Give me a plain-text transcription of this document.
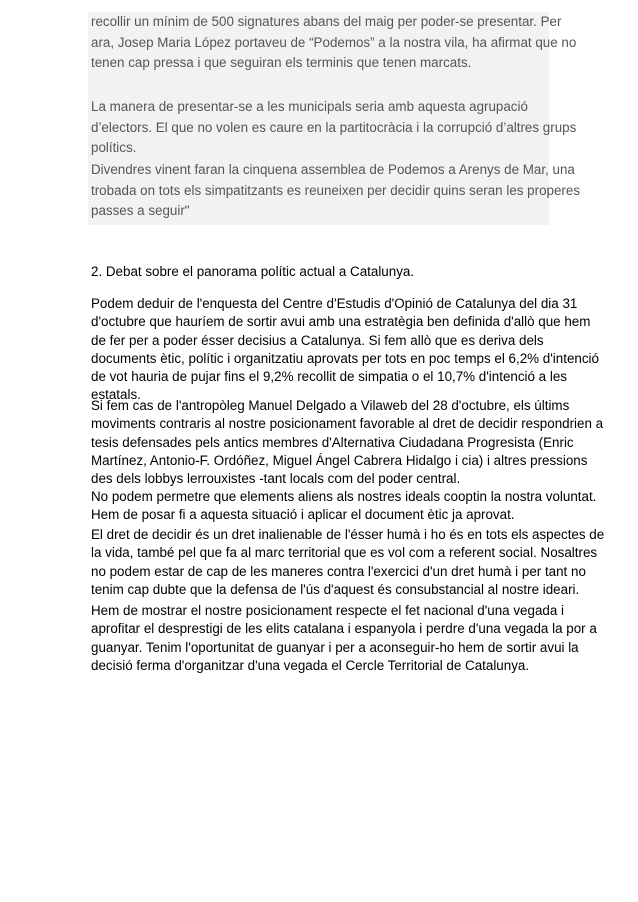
recollir un mínim de 500 signatures abans del maig per poder-se presentar. Per
ara, Josep Maria López portaveu de “Podemos” a la nostra vila, ha afirmat que no
tenen cap pressa i que seguiran els terminis que tenen marcats.

La manera de presentar-se a les municipals seria amb aquesta agrupació
d’electors. El que no volen es caure en la partitocràcia i la corrupció d’altres grups
polítics.

Divendres vinent faran la cinquena assemblea de Podemos a Arenys de Mar, una
trobada on tots els simpatitzants es reuneixen per decidir quins seran les properes
passes a seguir"

2. Debat sobre el panorama polític actual a Catalunya.

Podem deduir de l'enquesta del Centre d'Estudis d'Opinió de Catalunya del dia 31
d'octubre que hauríem de sortir avui amb una estratègia ben definida d'allò que hem
de fer per a poder ésser decisius a Catalunya. Si fem allò que es deriva dels
documents ètic, polític i organitzatiu aprovats per tots en poc temps el 6,2% d'intenció
de vot hauria de pujar fins el 9,2% recollit de simpatia o el 10,7% d'intenció a les
estatals.

Si fem cas de l'antropòleg Manuel Delgado a Vilaweb del 28 d'octubre, els últims
moviments contraris al nostre posicionament favorable al dret de decidir respondrien a
tesis defensades pels antics membres d'Alternativa Ciudadana Progresista (Enric
Martínez, Antonio-F. Ordóñez, Miguel Ángel Cabrera Hidalgo i cia) i altres pressions
des dels lobbys lerrouxistes -tant locals com del poder central.

No podem permetre que elements aliens als nostres ideals cooptin la nostra voluntat.
Hem de posar fi a aquesta situació i aplicar el document ètic ja aprovat.

El dret de decidir és un dret inalienable de l'ésser humà i ho és en tots els aspectes de
la vida, també pel que fa al marc territorial que es vol com a referent social. Nosaltres
no podem estar de cap de les maneres contra l'exercici d'un dret humà i per tant no
tenim cap dubte que la defensa de l'ús d'aquest és consubstancial al nostre ideari.

Hem de mostrar el nostre posicionament respecte el fet nacional d'una vegada i
aprofitar el desprestigi de les elits catalana i espanyola i perdre d'una vegada la por a
guanyar. Tenim l'oportunitat de guanyar i per a aconseguir-ho hem de sortir avui la
decisió ferma d'organitzar d'una vegada el Cercle Territorial de Catalunya.
